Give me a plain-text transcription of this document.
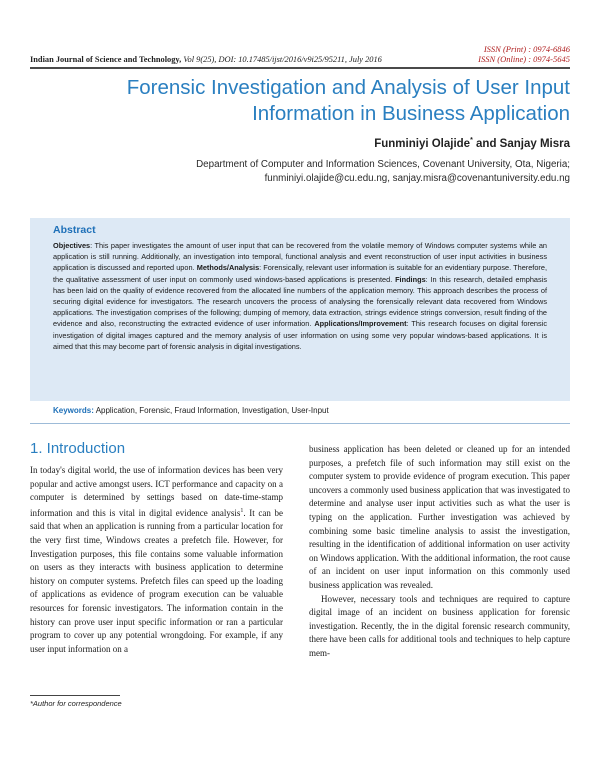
ISSN (Print) : 0974-6846
ISSN (Online) : 0974-5645
Indian Journal of Science and Technology, Vol 9(25), DOI: 10.17485/ijst/2016/v9i25/95211, July 2016
Forensic Investigation and Analysis of User Input
Information in Business Application
Funminiyi Olajide* and Sanjay Misra
Department of Computer and Information Sciences, Covenant University, Ota, Nigeria;
funminiyi.olajide@cu.edu.ng, sanjay.misra@covenantuniversity.edu.ng
Abstract
Objectives: This paper investigates the amount of user input that can be recovered from the volatile memory of Windows computer systems while an application is still running. Additionally, an investigation into temporal, functional analysis and event reconstruction of user input activities in business application is discussed and reported upon. Methods/Analysis: Forensically, relevant user information is suitable for an evidentiary purpose. Therefore, the qualitative assessment of user input on commonly used windows-based applications is presented. Findings: In this research, detailed emphasis has been laid on the quality of evidence recovered from the allocated line numbers of the application memory. This approach describes the process of securing digital evidence for investigators. The research uncovers the process of analysing the forensically relevant data recovered from Windows applications. The investigation comprises of the following; dumping of memory, data extraction, strings evidence strings conversion, result finding of the evidence and also, reconstructing the extracted evidence of user information. Applications/Improvement: This research focuses on digital forensic investigation of digital images captured and the memory analysis of user information on using some very popular windows-based applications. It is aimed that this may become part of forensic analysis in digital investigations.
Keywords: Application, Forensic, Fraud Information, Investigation, User-Input
1. Introduction

In today's digital world, the use of information devices has been very popular and active amongst users. ICT performance and capacity on a computer is determined by settings based on date-time-stamp information and this is vital in digital evidence analysis$^1$. It can be said that when an application is running from a particular location for the very first time, Windows creates a prefetch file. However, for Investigation purposes, this file contains some valuable information on users as they interacts with business application to determine history on computer systems. Prefetch files can speed up the loading of applications as evidence of program execution can be valuable resources for forensic investigators. The information contain in the history can prove user input specific information or ran a particular program to cover up any potential wrongdoing. For example, if any user input information on a

business application has been deleted or cleaned up for an intended purposes, a prefetch file of such information may still exist on the computer system to provide evidence of program execution. This paper uncovers a commonly used business application that was investigated to determine and analyse user input activities such as what the user is typing on the application. Further investigation was achieved by combining some basic timeline analysis to assist the investigation, resulting in the identification of additional information on user activity on Windows application. With the additional information, the root cause of an incident on user input information on this commonly used business application was revealed.

However, necessary tools and techniques are required to capture digital image of an incident on business application for forensic investigation. Recently, the in the digital forensic research community, there have been calls for additional tools and techniques to help capture mem-

*Author for correspondence
